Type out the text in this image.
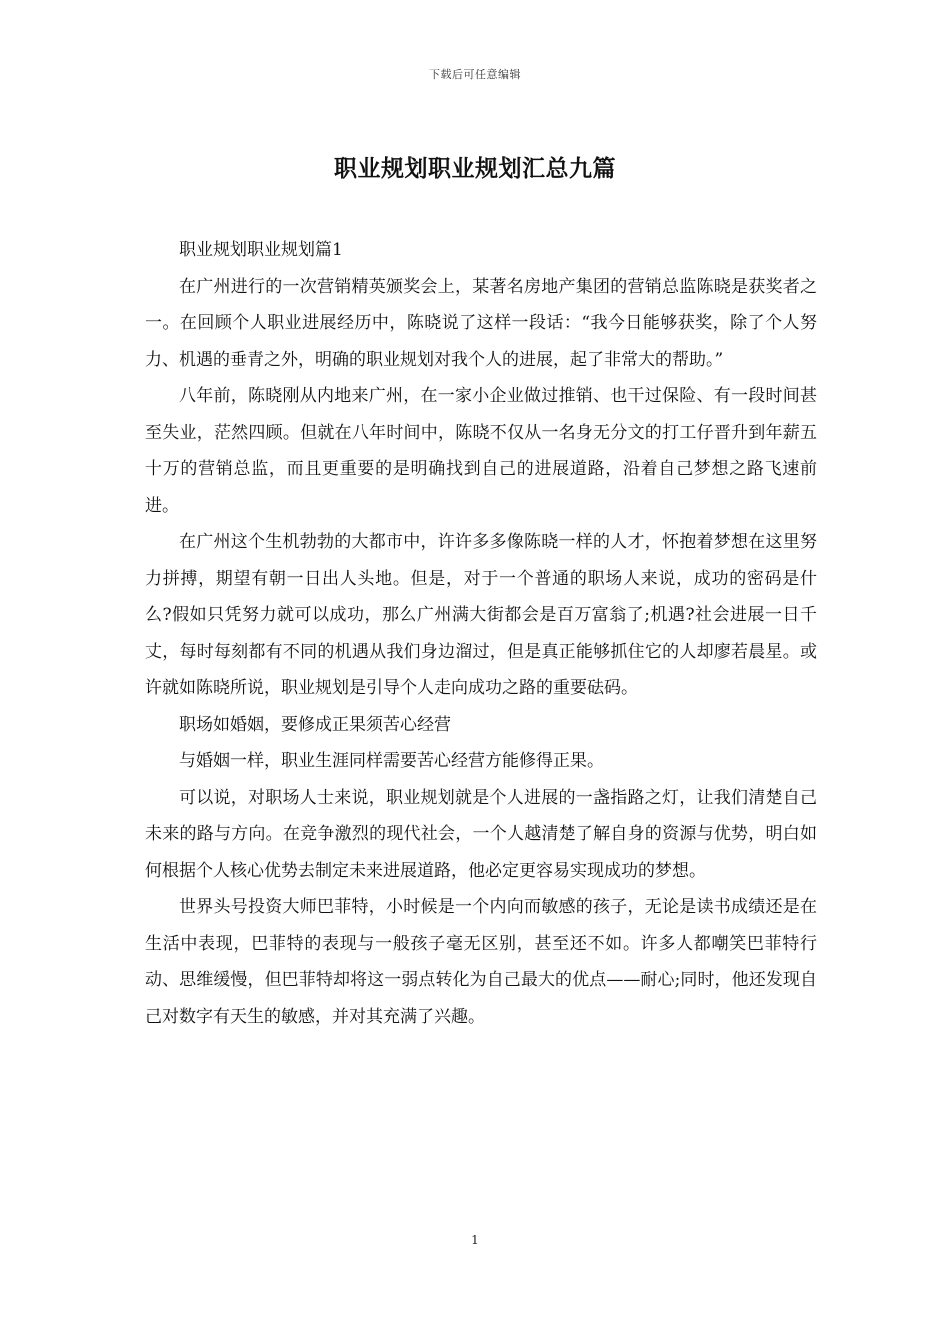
下载后可任意编辑
职业规划职业规划汇总九篇

职业规划职业规划篇1

在广州进行的一次营销精英颁奖会上，某著名房地产集团的营销总监陈晓是获奖者之一。在回顾个人职业进展经历中，陈晓说了这样一段话：“我今日能够获奖，除了个人努力、机遇的垂青之外，明确的职业规划对我个人的进展，起了非常大的帮助。”

八年前，陈晓刚从内地来广州，在一家小企业做过推销、也干过保险、有一段时间甚至失业，茫然四顾。但就在八年时间中，陈晓不仅从一名身无分文的打工仔晋升到年薪五十万的营销总监，而且更重要的是明确找到自己的进展道路，沿着自己梦想之路飞速前进。

在广州这个生机勃勃的大都市中，许许多多像陈晓一样的人才，怀抱着梦想在这里努力拼搏，期望有朝一日出人头地。但是，对于一个普通的职场人来说，成功的密码是什么?假如只凭努力就可以成功，那么广州满大街都会是百万富翁了;机遇?社会进展一日千丈，每时每刻都有不同的机遇从我们身边溜过，但是真正能够抓住它的人却廖若晨星。或许就如陈晓所说，职业规划是引导个人走向成功之路的重要砝码。

职场如婚姻，要修成正果须苦心经营

与婚姻一样，职业生涯同样需要苦心经营方能修得正果。

可以说，对职场人士来说，职业规划就是个人进展的一盏指路之灯，让我们清楚自己未来的路与方向。在竞争激烈的现代社会，一个人越清楚了解自身的资源与优势，明白如何根据个人核心优势去制定未来进展道路，他必定更容易实现成功的梦想。

世界头号投资大师巴菲特，小时候是一个内向而敏感的孩子，无论是读书成绩还是在生活中表现，巴菲特的表现与一般孩子毫无区别，甚至还不如。许多人都嘲笑巴菲特行动、思维缓慢，但巴菲特却将这一弱点转化为自己最大的优点——耐心;同时，他还发现自己对数字有天生的敏感，并对其充满了兴趣。

1
